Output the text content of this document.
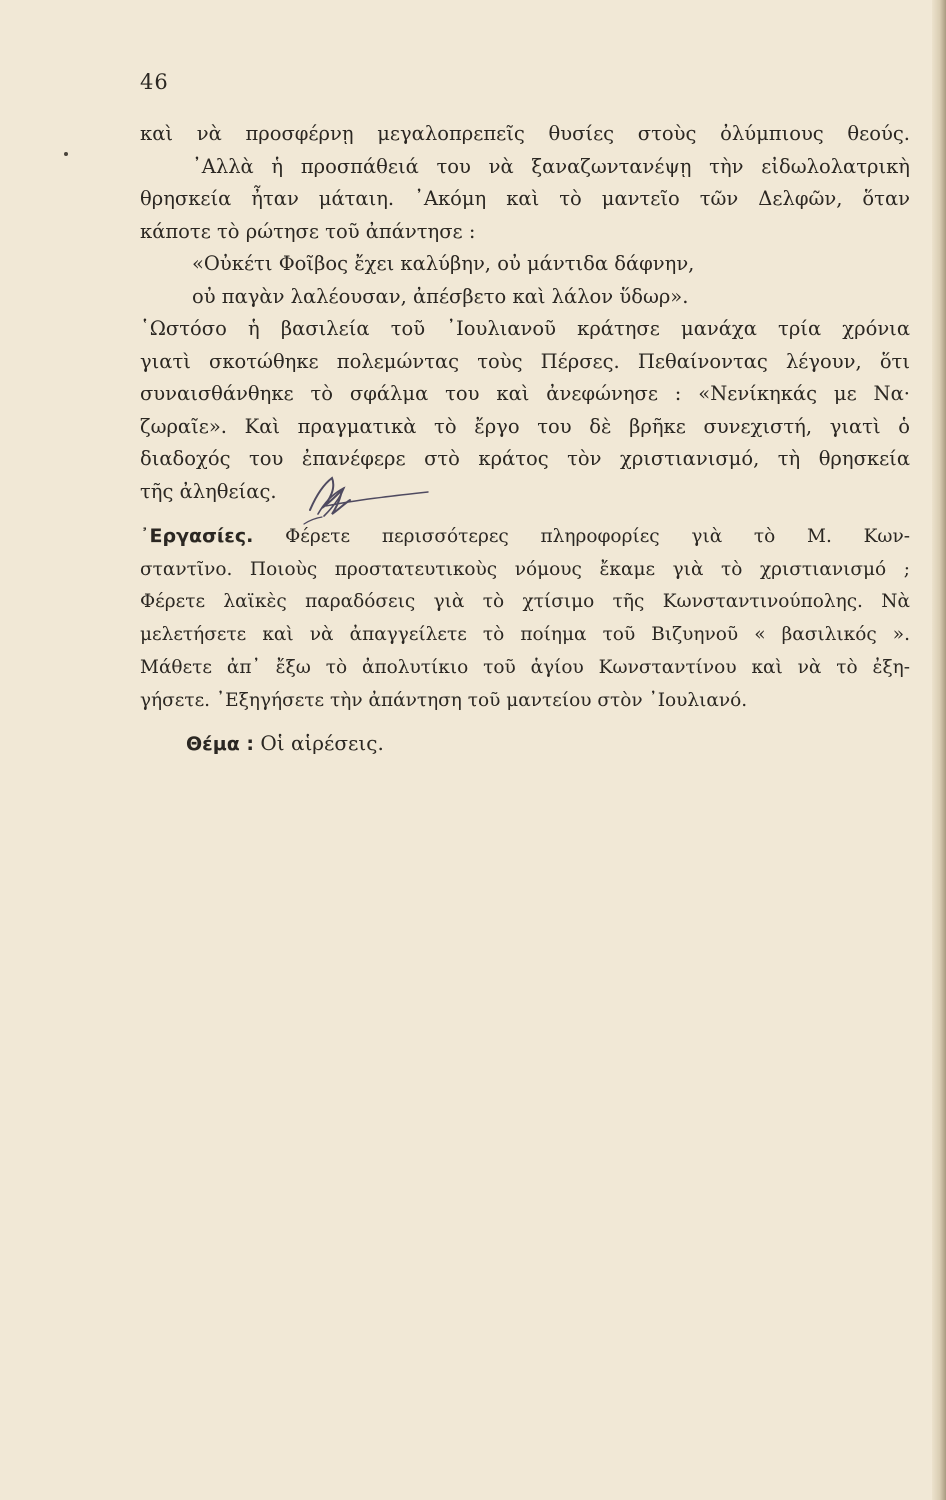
46
καὶ νὰ προσφέρνῃ μεγαλοπρεπεῖς θυσίες στοὺς ὀλύμπιους θεούς.
᾿Αλλὰ ἡ προσπάθειά του νὰ ξαναζωντανέψῃ τὴν εἰδωλολατρικὴ
θρησκεία ἦταν μάταιη. ᾿Ακόμη καὶ τὸ μαντεῖο τῶν Δελφῶν, ὅταν
κάποτε τὸ ρώτησε τοῦ ἀπάντησε :
«Οὐκέτι Φοῖβος ἔχει καλύβην, οὐ μάντιδα δάφνην,
οὐ παγὰν λαλέουσαν, ἀπέσβετο καὶ λάλον ὕδωρ».
῾Ωστόσο ἡ βασιλεία τοῦ ᾿Ιουλιανοῦ κράτησε μανάχα τρία χρόνια
γιατὶ σκοτώθηκε πολεμώντας τοὺς Πέρσες. Πεθαίνοντας λέγουν, ὅτι
συναισθάνθηκε τὸ σφάλμα του καὶ ἀνεφώνησε : «Νενίκηκάς με Να·
ζωραῖε». Καὶ πραγματικὰ τὸ ἔργο του δὲ βρῆκε συνεχιστή, γιατὶ ὁ
διαδοχός του ἐπανέφερε στὸ κράτος τὸν χριστιανισμό, τὴ θρησκεία
τῆς ἀληθείας.
᾿Εργασίες. Φέρετε περισσότερες πληροφορίες γιὰ τὸ Μ. Κων-
σταντῖνο. Ποιοὺς προστατευτικοὺς νόμους ἔκαμε γιὰ τὸ χριστιανισμό ;
Φέρετε λαϊκὲς παραδόσεις γιὰ τὸ χτίσιμο τῆς Κωνσταντινούπολης. Νὰ
μελετήσετε καὶ νὰ ἀπαγγείλετε τὸ ποίημα τοῦ Βιζυηνοῦ « βασιλικός ».
Μάθετε ἀπ᾿ ἔξω τὸ ἀπολυτίκιο τοῦ ἁγίου Κωνσταντίνου καὶ νὰ τὸ ἐξη-
γήσετε. ᾿Εξηγήσετε τὴν ἀπάντηση τοῦ μαντείου στὸν ᾿Ιουλιανό.
Θέμα : Οἱ αἱρέσεις.
